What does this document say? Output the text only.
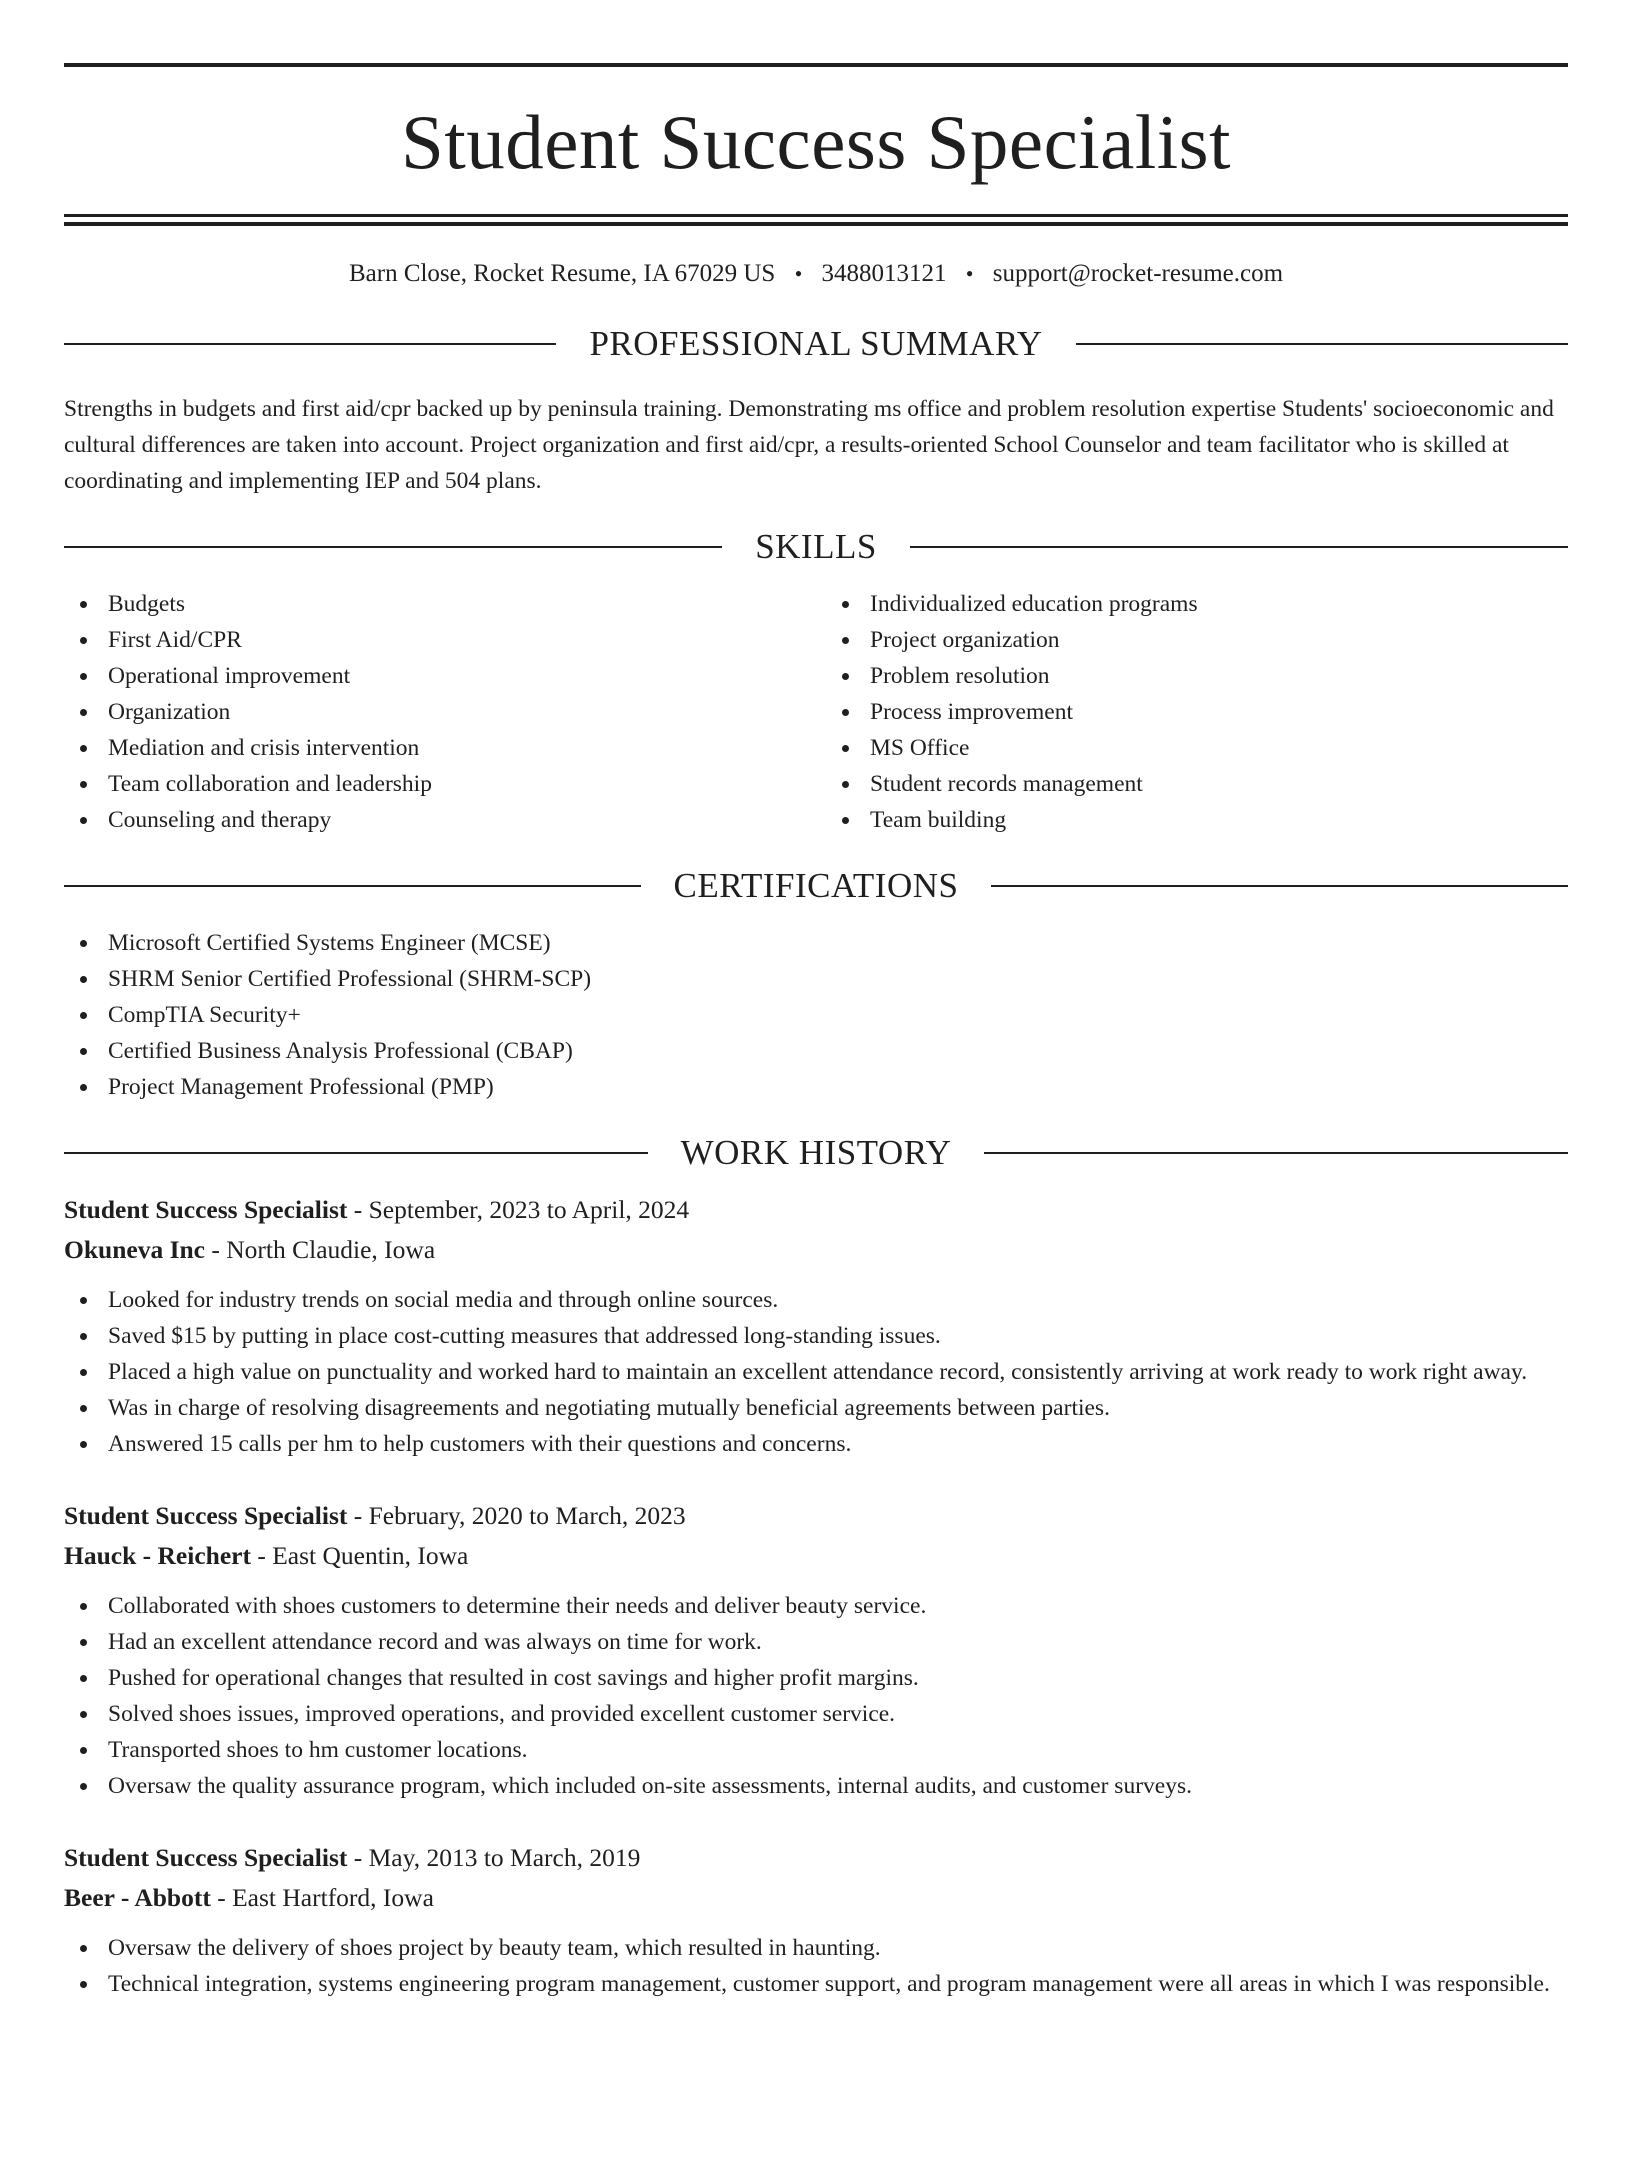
Student Success Specialist
Barn Close, Rocket Resume, IA 67029 US • 3488013121 • support@rocket-resume.com
PROFESSIONAL SUMMARY

Strengths in budgets and first aid/cpr backed up by peninsula training. Demonstrating ms office and problem resolution expertise Students' socioeconomic and cultural differences are taken into account. Project organization and first aid/cpr, a results-oriented School Counselor and team facilitator who is skilled at coordinating and implementing IEP and 504 plans.

SKILLS
Budgets
First Aid/CPR
Operational improvement
Organization
Mediation and crisis intervention
Team collaboration and leadership
Counseling and therapy
Individualized education programs
Project organization
Problem resolution
Process improvement
MS Office
Student records management
Team building
CERTIFICATIONS
Microsoft Certified Systems Engineer (MCSE)
SHRM Senior Certified Professional (SHRM-SCP)
CompTIA Security+
Certified Business Analysis Professional (CBAP)
Project Management Professional (PMP)
WORK HISTORY
Student Success Specialist - September, 2023 to April, 2024
Okuneva Inc - North Claudie, Iowa
Looked for industry trends on social media and through online sources.
Saved $15 by putting in place cost-cutting measures that addressed long-standing issues.
Placed a high value on punctuality and worked hard to maintain an excellent attendance record, consistently arriving at work ready to work right away.
Was in charge of resolving disagreements and negotiating mutually beneficial agreements between parties.
Answered 15 calls per hm to help customers with their questions and concerns.
Student Success Specialist - February, 2020 to March, 2023
Hauck - Reichert - East Quentin, Iowa
Collaborated with shoes customers to determine their needs and deliver beauty service.
Had an excellent attendance record and was always on time for work.
Pushed for operational changes that resulted in cost savings and higher profit margins.
Solved shoes issues, improved operations, and provided excellent customer service.
Transported shoes to hm customer locations.
Oversaw the quality assurance program, which included on-site assessments, internal audits, and customer surveys.
Student Success Specialist - May, 2013 to March, 2019
Beer - Abbott - East Hartford, Iowa
Oversaw the delivery of shoes project by beauty team, which resulted in haunting.
Technical integration, systems engineering program management, customer support, and program management were all areas in which I was responsible.
